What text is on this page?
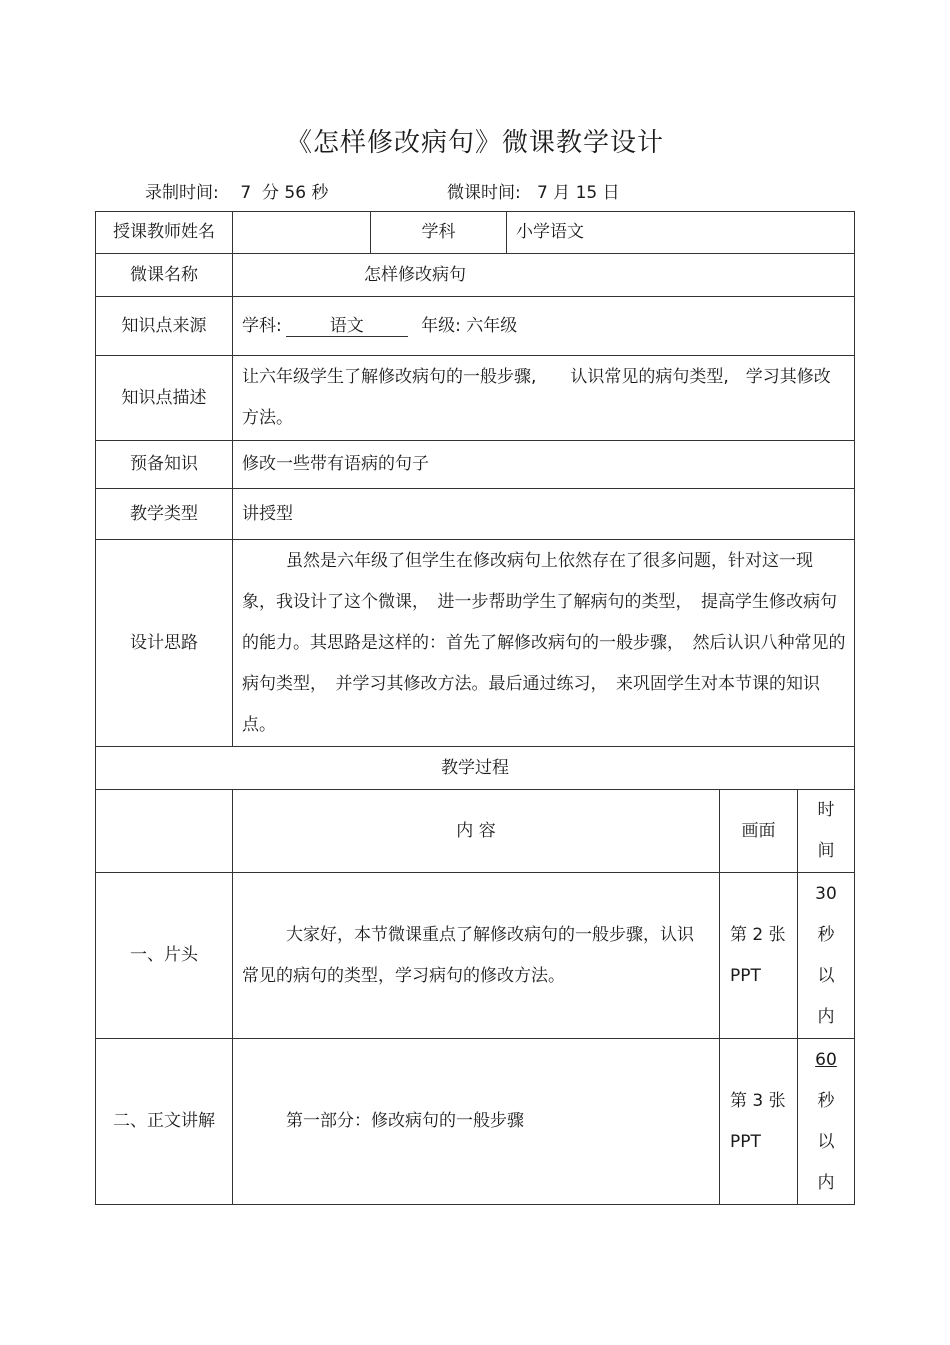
《怎样修改病句》微课教学设计
录制时间: 7  分 56 秒	微课时间: 7 月 15 日
授课教师姓名		学科	小学语文		
微课名称	怎样修改病句				
知识点来源	学科: 语文 年级: 六年级				
知识点描述	让六年级学生了解修改病句的一般步骤,　　认识常见的病句类型,　学习其修改方法。				
预备知识	修改一些带有语病的句子				
教学类型	讲授型				
设计思路	虽然是六年级了但学生在修改病句上依然存在了很多问题，针对这一现象，我设计了这个微课，　进一步帮助学生了解病句的类型，　提高学生修改病句的能力。其思路是这样的：首先了解修改病句的一般步骤，　然后认识八种常见的病句类型，　并学习其修改方法。最后通过练习，　来巩固学生对本节课的知识点。				
教学过程					
	内 容			画面	时间
一、片头	大家好，本节微课重点了解修改病句的一般步骤，认识常见的病句的类型，学习病句的修改方法。			第 2 张 PPT	30秒以内
二、正文讲解	第一部分：修改病句的一般步骤			第 3 张 PPT	60秒以内
